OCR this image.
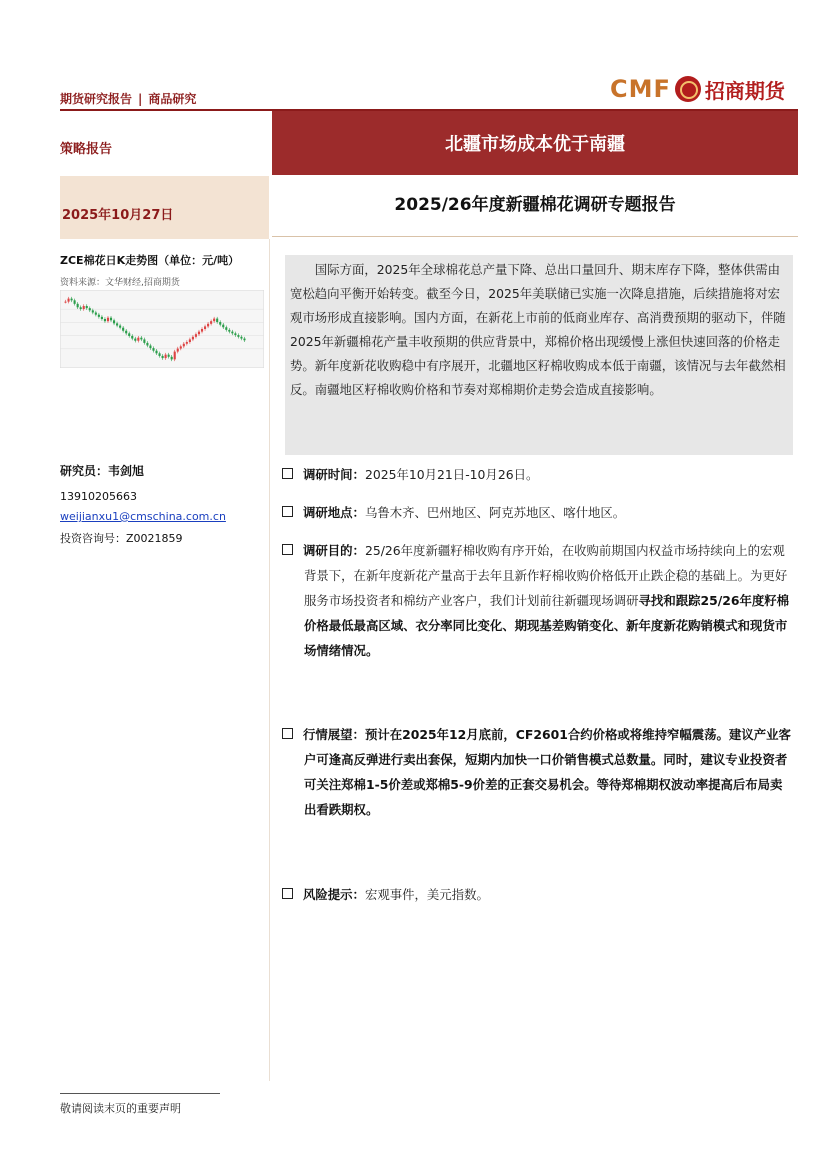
期货研究报告 | 商品研究	CMF 招商期货
策略报告	北疆市场成本优于南疆
2025年10月27日
2025/26年度新疆棉花调研专题报告
ZCE棉花日K走势图（单位：元/吨）
资料来源：文华财经,招商期货
研究员：韦剑旭
13910205663
weijianxu1@cmschina.com.cn
投资咨询号：Z0021859
国际方面，2025年全球棉花总产量下降、总出口量回升、期末库存下降，整体供需由宽松趋向平衡开始转变。截至今日，2025年美联储已实施一次降息措施，后续措施将对宏观市场形成直接影响。国内方面，在新花上市前的低商业库存、高消费预期的驱动下，伴随2025年新疆棉花产量丰收预期的供应背景中，郑棉价格出现缓慢上涨但快速回落的价格走势。新年度新花收购稳中有序展开，北疆地区籽棉收购成本低于南疆，该情况与去年截然相反。南疆地区籽棉收购价格和节奏对郑棉期价走势会造成直接影响。
调研时间：2025年10月21日-10月26日。
调研地点：乌鲁木齐、巴州地区、阿克苏地区、喀什地区。
调研目的：25/26年度新疆籽棉收购有序开始，在收购前期国内权益市场持续向上的宏观背景下，在新年度新花产量高于去年且新作籽棉收购价格低开止跌企稳的基础上。为更好服务市场投资者和棉纺产业客户，我们计划前往新疆现场调研寻找和跟踪25/26年度籽棉价格最低最高区域、衣分率同比变化、期现基差购销变化、新年度新花购销模式和现货市场情绪情况。
行情展望：预计在2025年12月底前，CF2601合约价格或将维持窄幅震荡。建议产业客户可逢高反弹进行卖出套保，短期内加快一口价销售模式总数量。同时，建议专业投资者可关注郑棉1-5价差或郑棉5-9价差的正套交易机会。等待郑棉期权波动率提高后布局卖出看跌期权。
风险提示：宏观事件，美元指数。
敬请阅读末页的重要声明
